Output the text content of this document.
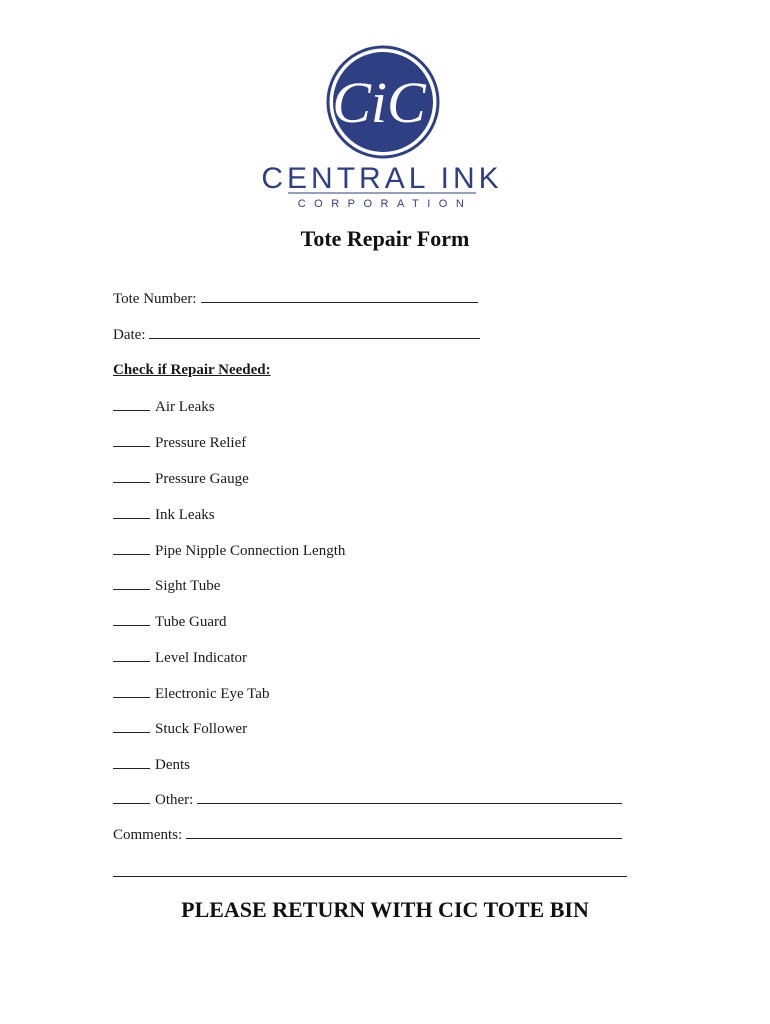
CiC
CENTRAL INK
CORPORATION
Tote Repair Form
Tote Number:
Date:
Check if Repair Needed:
Air Leaks
Pressure Relief
Pressure Gauge
Ink Leaks
Pipe Nipple Connection Length
Sight Tube
Tube Guard
Level Indicator
Electronic Eye Tab
Stuck Follower
Dents
Other:
Comments:
PLEASE RETURN WITH CIC TOTE BIN
